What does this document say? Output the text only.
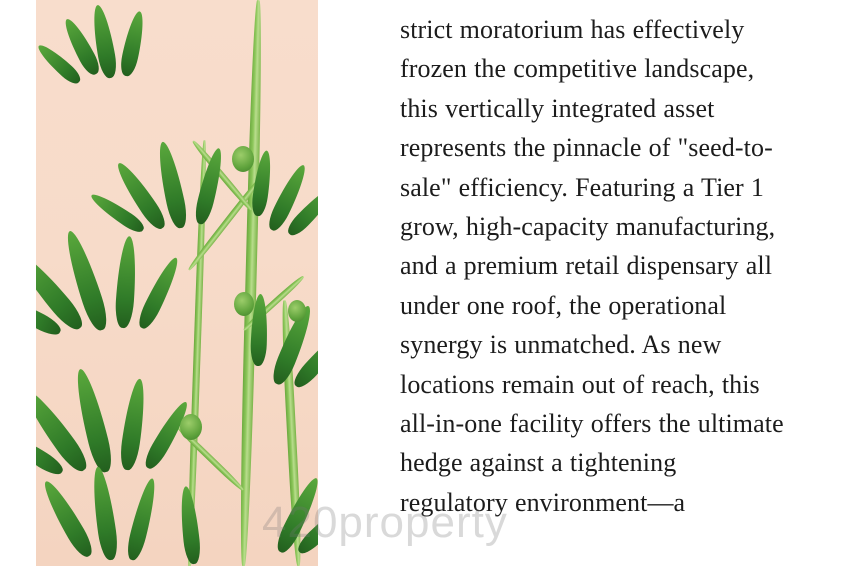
strict moratorium has effectively frozen the competitive landscape, this vertically integrated asset represents the pinnacle of "seed-to-sale" efficiency. Featuring a Tier 1 grow, high-capacity manufacturing, and a premium retail dispensary all under one roof, the operational synergy is unmatched. As new locations remain out of reach, this all-in-one facility offers the ultimate hedge against a tightening regulatory environment—a

420property
